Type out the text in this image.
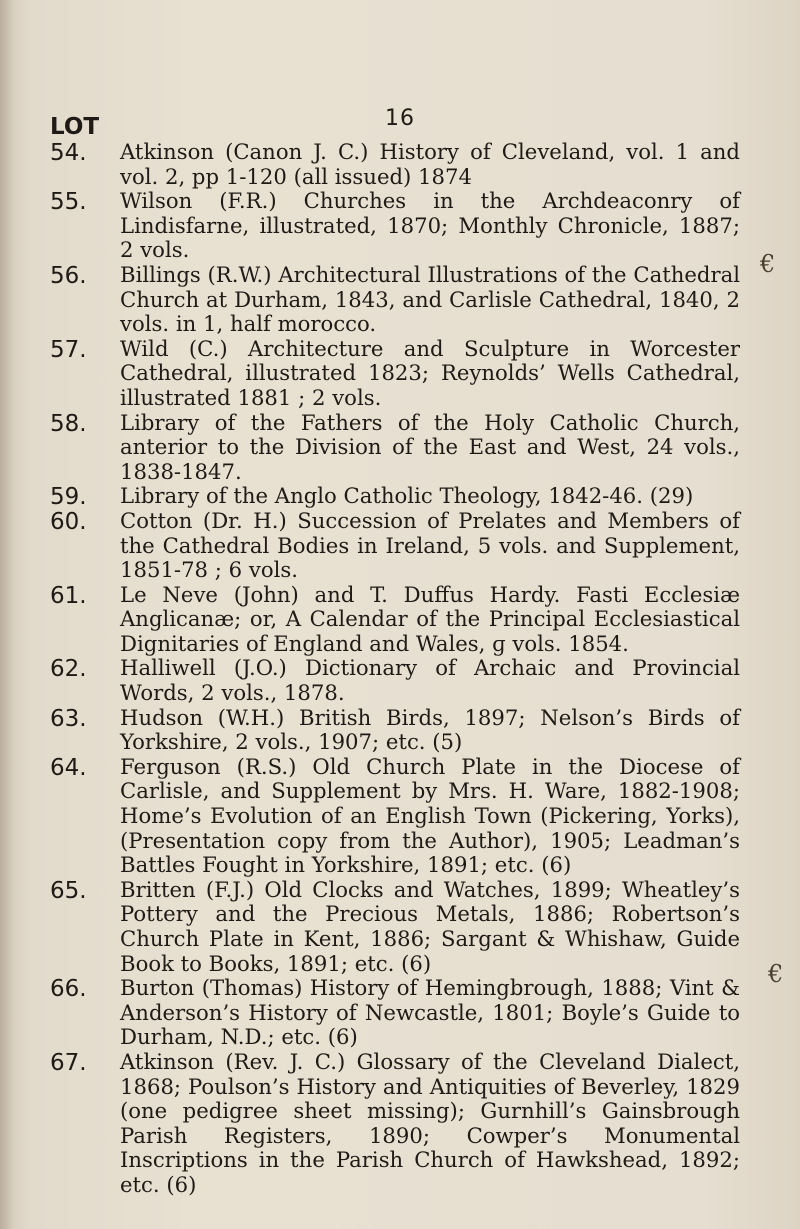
16
LOT
54. Atkinson (Canon J. C.) History of Cleveland, vol. 1 and vol. 2, pp 1-120 (all issued) 1874
55. Wilson (F.R.) Churches in the Archdeaconry of Lindisfarne, illustrated, 1870; Monthly Chronicle, 1887; 2 vols.
56. Billings (R.W.) Architectural Illustrations of the Cathedral Church at Durham, 1843, and Carlisle Cathedral, 1840, 2 vols. in 1, half morocco.
57. Wild (C.) Architecture and Sculpture in Worcester Cathedral, illustrated 1823; Reynolds’ Wells Cathedral, illustrated 1881 ; 2 vols.
58. Library of the Fathers of the Holy Catholic Church, anterior to the Division of the East and West, 24 vols., 1838-1847.
59. Library of the Anglo Catholic Theology, 1842-46. (29)
60. Cotton (Dr. H.) Succession of Prelates and Members of the Cathedral Bodies in Ireland, 5 vols. and Supplement, 1851-78 ; 6 vols.
61. Le Neve (John) and T. Duffus Hardy. Fasti Ecclesiæ Anglicanæ; or, A Calendar of the Principal Ecclesiastical Dignitaries of England and Wales, ɡ vols. 1854.
62. Halliwell (J.O.) Dictionary of Archaic and Provincial Words, 2 vols., 1878.
63. Hudson (W.H.) British Birds, 1897; Nelson’s Birds of Yorkshire, 2 vols., 1907; etc. (5)
64. Ferguson (R.S.) Old Church Plate in the Diocese of Carlisle, and Supplement by Mrs. H. Ware, 1882-1908; Home’s Evolution of an English Town (Pickering, Yorks), (Presentation copy from the Author), 1905; Leadman’s Battles Fought in Yorkshire, 1891; etc. (6)
65. Britten (F.J.) Old Clocks and Watches, 1899; Wheatley’s Pottery and the Precious Metals, 1886; Robertson’s Church Plate in Kent, 1886; Sargant & Whishaw, Guide Book to Books, 1891; etc. (6)
66. Burton (Thomas) History of Hemingbrough, 1888; Vint & Anderson’s History of Newcastle, 1801; Boyle’s Guide to Durham, N.D.; etc. (6)
67. Atkinson (Rev. J. C.) Glossary of the Cleveland Dialect, 1868; Poulson’s History and Antiquities of Beverley, 1829 (one pedigree sheet missing); Gurnhill’s Gainsbrough Parish Registers, 1890; Cowper’s Monumental Inscriptions in the Parish Church of Hawkshead, 1892; etc. (6)
€
€
